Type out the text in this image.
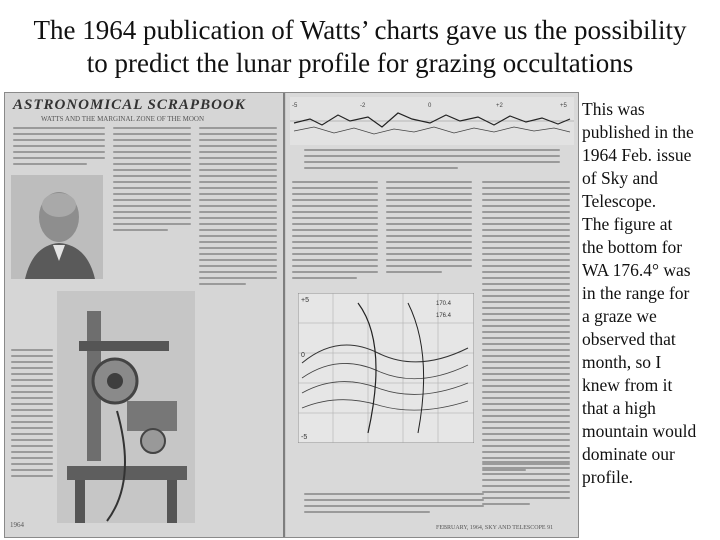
The 1964 publication of Watts’ charts gave us the possibility
to predict the lunar profile for grazing occultations
ASTRONOMICAL SCRAPBOOK
WATTS AND THE MARGINAL ZONE OF THE MOON
1964
-5	-2	0	+2	+5
+5
0
-5
170.4
176.4
FEBRUARY, 1964, SKY AND TELESCOPE 91
This was
published in the
1964 Feb. issue
of Sky and
Telescope.
The figure at
the bottom for
WA 176.4° was
in the range for
a graze we
observed that
month, so I
knew from it
that a high
mountain would
dominate our
profile.
